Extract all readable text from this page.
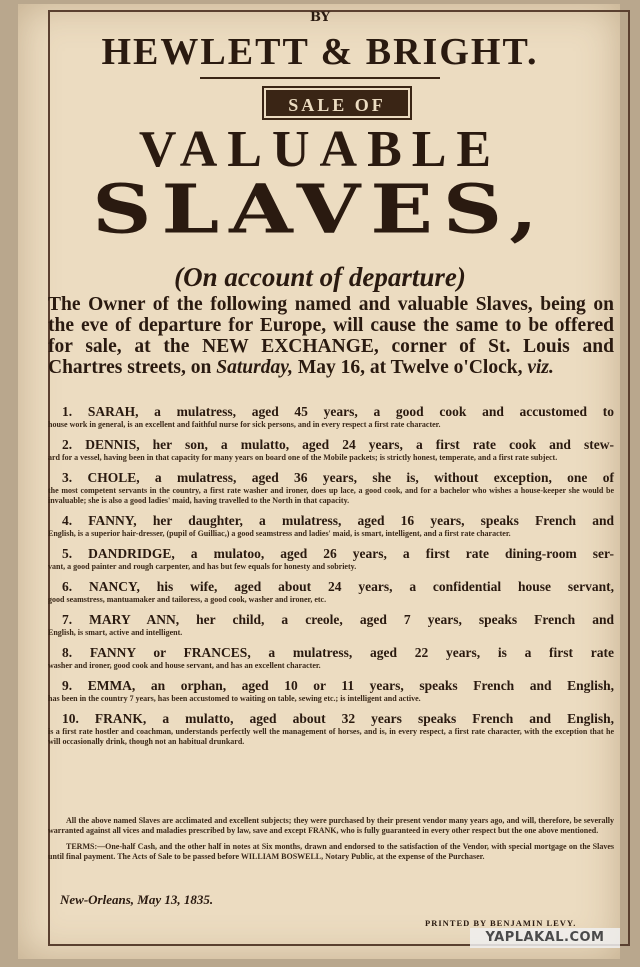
BY
HEWLETT & BRIGHT.
SALE OF
VALUABLE
SLAVES,
(On account of departure)
The Owner of the following named and valuable Slaves, being on the eve of departure for Europe, will cause the same to be offered for sale, at the NEW EXCHANGE, corner of St. Louis and Chartres streets, on Saturday, May 16, at Twelve o'Clock, viz.
1. SARAH, a mulatress, aged 45 years, a good cook and accustomed to
house work in general, is an excellent and faithful nurse for sick persons, and in every respect a first rate character.
2. DENNIS, her son, a mulatto, aged 24 years, a first rate cook and stew-
ard for a vessel, having been in that capacity for many years on board one of the Mobile packets; is strictly honest, temperate, and a first rate subject.
3. CHOLE, a mulatress, aged 36 years, she is, without exception, one of
the most competent servants in the country, a first rate washer and ironer, does up lace, a good cook, and for a bachelor who wishes a house-keeper she would be invaluable; she is also a good ladies' maid, having travelled to the North in that capacity.
4. FANNY, her daughter, a mulatress, aged 16 years, speaks French and
English, is a superior hair-dresser, (pupil of Guilliac,) a good seamstress and ladies' maid, is smart, intelligent, and a first rate character.
5. DANDRIDGE, a mulatoo, aged 26 years, a first rate dining-room ser-
vant, a good painter and rough carpenter, and has but few equals for honesty and sobriety.
6. NANCY, his wife, aged about 24 years, a confidential house servant,
good seamstress, mantuamaker and tailoress, a good cook, washer and ironer, etc.
7. MARY ANN, her child, a creole, aged 7 years, speaks French and
English, is smart, active and intelligent.
8. FANNY or FRANCES, a mulatress, aged 22 years, is a first rate
washer and ironer, good cook and house servant, and has an excellent character.
9. EMMA, an orphan, aged 10 or 11 years, speaks French and English,
has been in the country 7 years, has been accustomed to waiting on table, sewing etc.; is intelligent and active.
10. FRANK, a mulatto, aged about 32 years speaks French and English,
is a first rate hostler and coachman, understands perfectly well the management of horses, and is, in every respect, a first rate character, with the exception that he will occasionally drink, though not an habitual drunkard.
All the above named Slaves are acclimated and excellent subjects; they were purchased by their present vendor many years ago, and will, therefore, be severally warranted against all vices and maladies prescribed by law, save and except FRANK, who is fully guaranteed in every other respect but the one above mentioned.
TERMS:—One-half Cash, and the other half in notes at Six months, drawn and endorsed to the satisfaction of the Vendor, with special mortgage on the Slaves until final payment. The Acts of Sale to be passed before WILLIAM BOSWELL, Notary Public, at the expense of the Purchaser.
New-Orleans, May 13, 1835.
PRINTED BY BENJAMIN LEVY.
YAPLAKAL.COM
